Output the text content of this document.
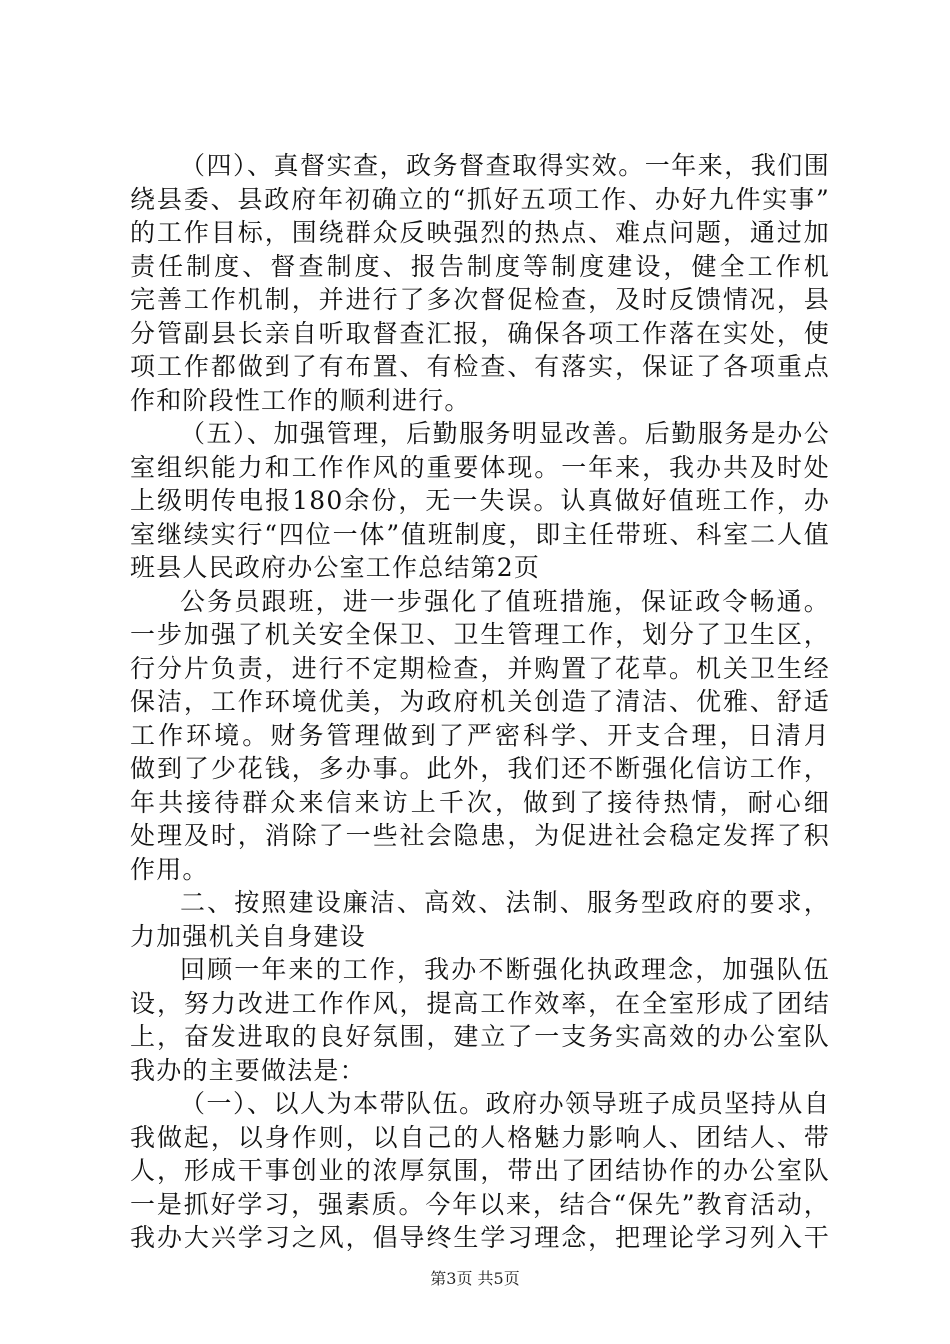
（四）、真督实查，政务督查取得实效。一年来，我们围
绕县委、县政府年初确立的“抓好五项工作、办好九件实事”
的工作目标，围绕群众反映强烈的热点、难点问题，通过加
责任制度、督查制度、报告制度等制度建设，健全工作机
完善工作机制，并进行了多次督促检查，及时反馈情况，县
分管副县长亲自听取督查汇报，确保各项工作落在实处，使
项工作都做到了有布置、有检查、有落实，保证了各项重点
作和阶段性工作的顺利进行。
（五）、加强管理，后勤服务明显改善。后勤服务是办公
室组织能力和工作作风的重要体现。一年来，我办共及时处
上级明传电报180余份，无一失误。认真做好值班工作，办
室继续实行“四位一体”值班制度，即主任带班、科室二人值
班县人民政府办公室工作总结第2页
公务员跟班，进一步强化了值班措施，保证政令畅通。
一步加强了机关安全保卫、卫生管理工作，划分了卫生区，
行分片负责，进行不定期检查，并购置了花草。机关卫生经
保洁，工作环境优美，为政府机关创造了清洁、优雅、舒适
工作环境。财务管理做到了严密科学、开支合理，日清月
做到了少花钱，多办事。此外，我们还不断强化信访工作，
年共接待群众来信来访上千次，做到了接待热情，耐心细
处理及时，消除了一些社会隐患，为促进社会稳定发挥了积
作用。
二、按照建设廉洁、高效、法制、服务型政府的要求，
力加强机关自身建设
回顾一年来的工作，我办不断强化执政理念，加强队伍
设，努力改进工作作风，提高工作效率，在全室形成了团结
上，奋发进取的良好氛围，建立了一支务实高效的办公室队
我办的主要做法是：
（一）、以人为本带队伍。政府办领导班子成员坚持从自
我做起，以身作则，以自己的人格魅力影响人、团结人、带
人，形成干事创业的浓厚氛围，带出了团结协作的办公室队
一是抓好学习，强素质。今年以来，结合“保先”教育活动，
我办大兴学习之风，倡导终生学习理念，把理论学习列入干
第3页 共5页
